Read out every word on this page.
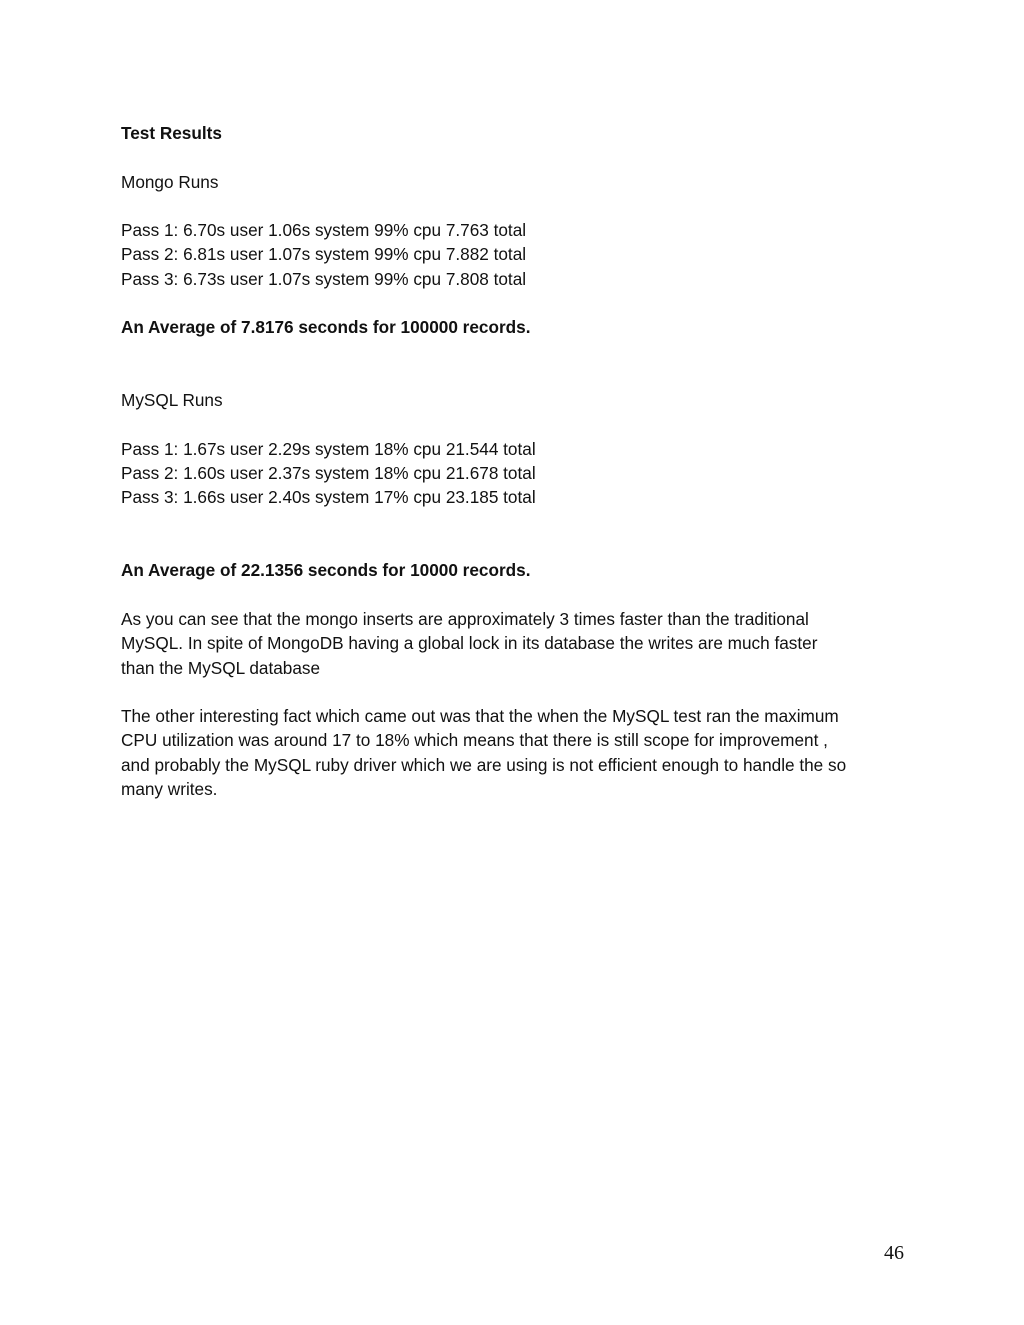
Test Results

Mongo Runs

Pass 1: 6.70s user 1.06s system 99% cpu 7.763 total

Pass 2: 6.81s user 1.07s system 99% cpu 7.882 total

Pass 3: 6.73s user 1.07s system 99% cpu 7.808 total

An Average of 7.8176 seconds for 100000 records.

MySQL Runs

Pass 1: 1.67s user 2.29s system 18% cpu 21.544 total

Pass 2: 1.60s user 2.37s system 18% cpu 21.678 total

Pass 3: 1.66s user 2.40s system 17% cpu 23.185 total

An Average of 22.1356 seconds for 10000 records.

As you can see that the mongo inserts are approximately 3 times faster than the traditional

MySQL. In spite of MongoDB having a global lock in its database the writes are much faster

than the MySQL database

The other interesting fact which came out was that the when the MySQL test ran the maximum

CPU utilization was around 17 to 18% which means that there is still scope for improvement ,

and probably the MySQL ruby driver which we are using is not efficient enough to handle the so

many writes.

46
